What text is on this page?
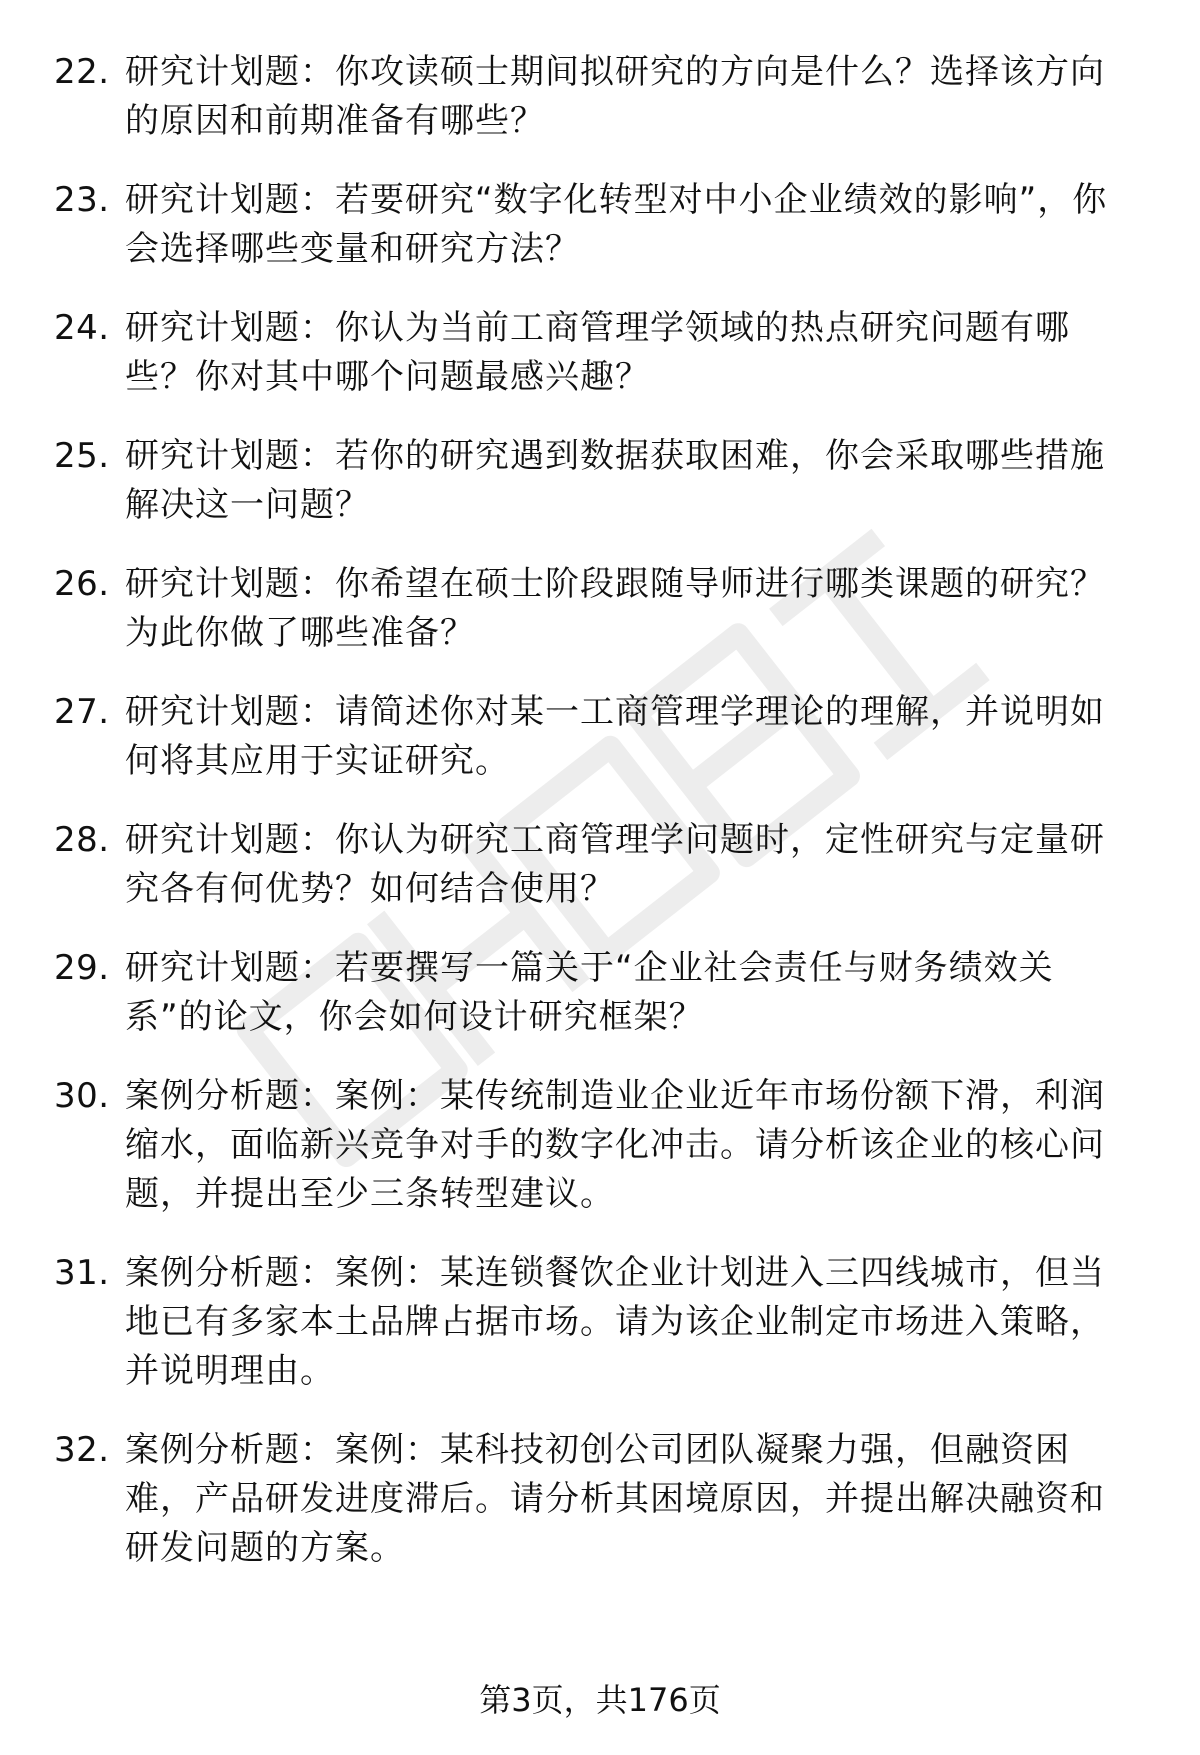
22. 研究计划题：你攻读硕士期间拟研究的方向是什么？选择该方向的原因和前期准备有哪些？
23. 研究计划题：若要研究“数字化转型对中小企业绩效的影响”，你会选择哪些变量和研究方法？
24. 研究计划题：你认为当前工商管理学领域的热点研究问题有哪些？你对其中哪个问题最感兴趣？
25. 研究计划题：若你的研究遇到数据获取困难，你会采取哪些措施解决这一问题？
26. 研究计划题：你希望在硕士阶段跟随导师进行哪类课题的研究？为此你做了哪些准备？
27. 研究计划题：请简述你对某一工商管理学理论的理解，并说明如何将其应用于实证研究。
28. 研究计划题：你认为研究工商管理学问题时，定性研究与定量研究各有何优势？如何结合使用？
29. 研究计划题：若要撰写一篇关于“企业社会责任与财务绩效关系”的论文，你会如何设计研究框架？
30. 案例分析题：案例：某传统制造业企业近年市场份额下滑，利润缩水，面临新兴竞争对手的数字化冲击。请分析该企业的核心问题，并提出至少三条转型建议。
31. 案例分析题：案例：某连锁餐饮企业计划进入三四线城市，但当地已有多家本土品牌占据市场。请为该企业制定市场进入策略，并说明理由。
32. 案例分析题：案例：某科技初创公司团队凝聚力强，但融资困难，产品研发进度滞后。请分析其困境原因，并提出解决融资和研发问题的方案。
第3页，共176页
